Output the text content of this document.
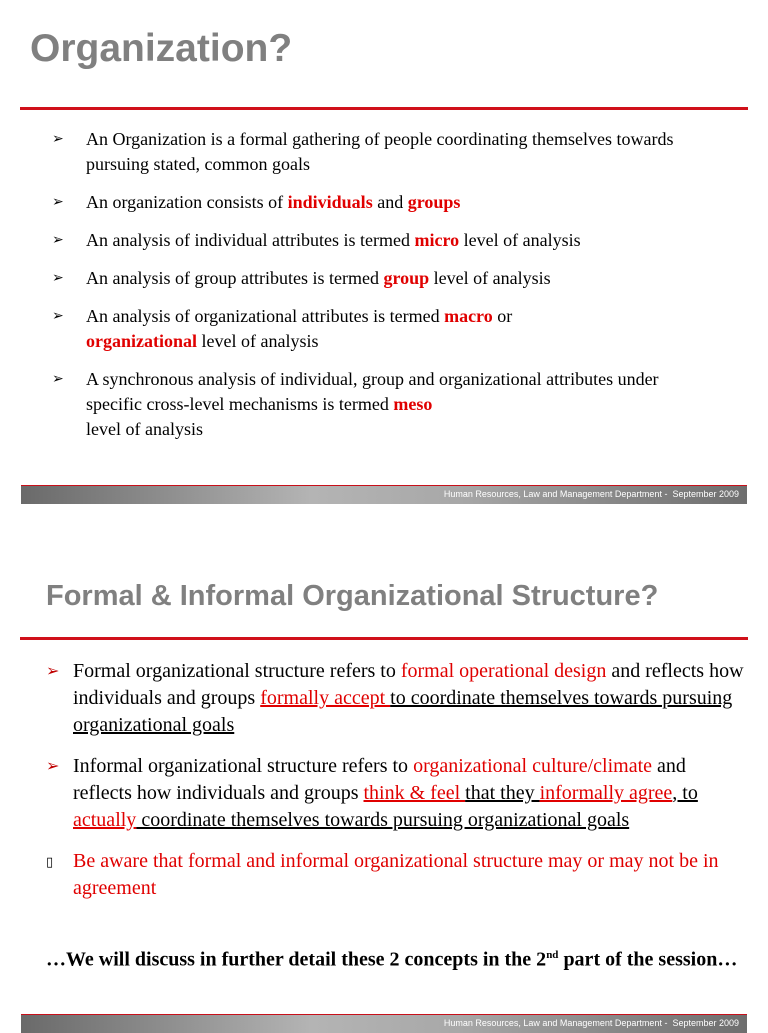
Organization?
➢ An Organization is a formal gathering of people coordinating themselves towards pursuing stated, common goals
➢ An organization consists of individuals and groups
➢ An analysis of individual attributes is termed micro level of analysis
➢ An analysis of group attributes is termed group level of analysis
➢ An analysis of organizational attributes is termed macro or
organizational level of analysis
➢ A synchronous analysis of individual, group and organizational attributes under specific cross-level mechanisms is termed meso
level of analysis
Human Resources, Law and Management Department -  September 2009
Formal & Informal Organizational Structure?
➢ Formal organizational structure refers to formal operational design and reflects how individuals and groups formally accept to coordinate themselves towards pursuing organizational goals
➢ Informal organizational structure refers to organizational culture/climate and reflects how individuals and groups think & feel that they informally agree, to actually coordinate themselves towards pursuing organizational goals
▯ Be aware that formal and informal organizational structure may or may not be in agreement

…We will discuss in further detail these 2 concepts in the 2nd part of the session…

Human Resources, Law and Management Department -  September 2009
